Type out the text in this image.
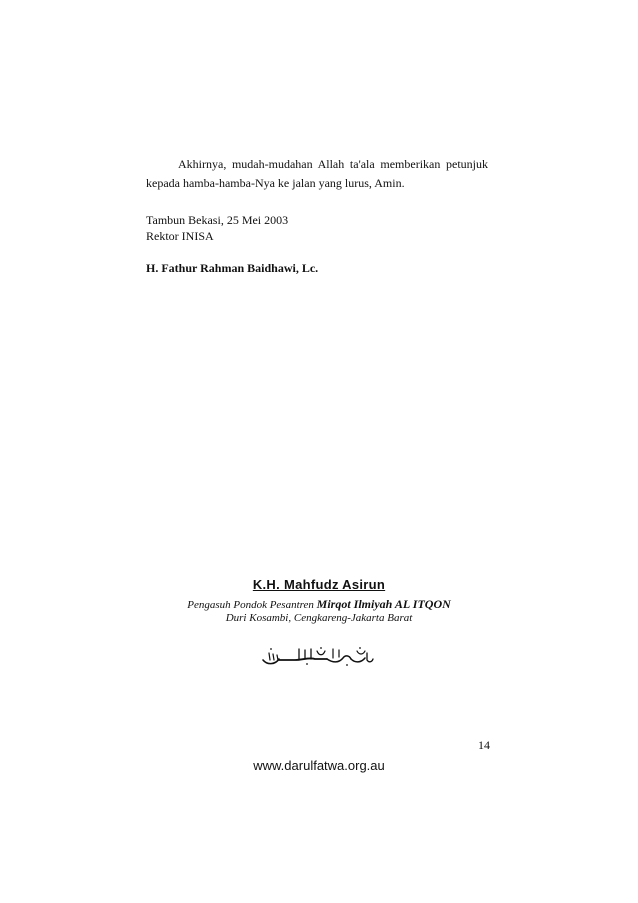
Akhirnya, mudah-mudahan Allah ta'ala memberikan petunjuk kepada hamba-hamba-Nya ke jalan yang lurus, Amin.
Tambun Bekasi, 25 Mei 2003
Rektor INISA
H. Fathur Rahman Baidhawi, Lc.
K.H. Mahfudz Asirun
Pengasuh Pondok Pesantren Mirqot Ilmiyah AL ITQON
Duri Kosambi, Cengkareng-Jakarta Barat
14
www.darulfatwa.org.au
